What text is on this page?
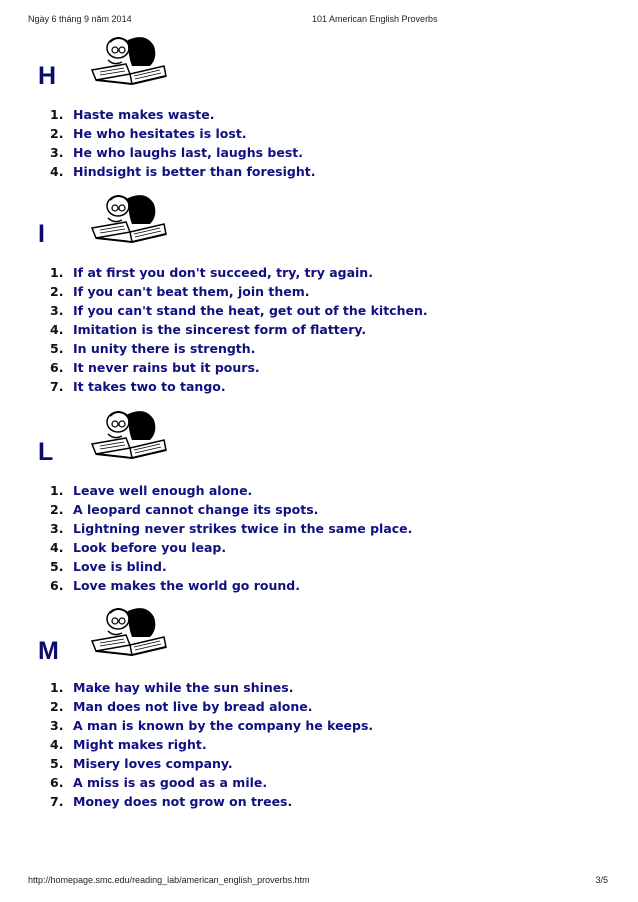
Ngày 6 tháng 9 năm 2014	101 American English Proverbs
H
1. Haste makes waste.
2. He who hesitates is lost.
3. He who laughs last, laughs best.
4. Hindsight is better than foresight.
I
1. If at first you don't succeed, try, try again.
2. If you can't beat them, join them.
3. If you can't stand the heat, get out of the kitchen.
4. Imitation is the sincerest form of flattery.
5. In unity there is strength.
6. It never rains but it pours.
7. It takes two to tango.
L
1. Leave well enough alone.
2. A leopard cannot change its spots.
3. Lightning never strikes twice in the same place.
4. Look before you leap.
5. Love is blind.
6. Love makes the world go round.
M
1. Make hay while the sun shines.
2. Man does not live by bread alone.
3. A man is known by the company he keeps.
4. Might makes right.
5. Misery loves company.
6. A miss is as good as a mile.
7. Money does not grow on trees.
http://homepage.smc.edu/reading_lab/american_english_proverbs.htm	3/5
